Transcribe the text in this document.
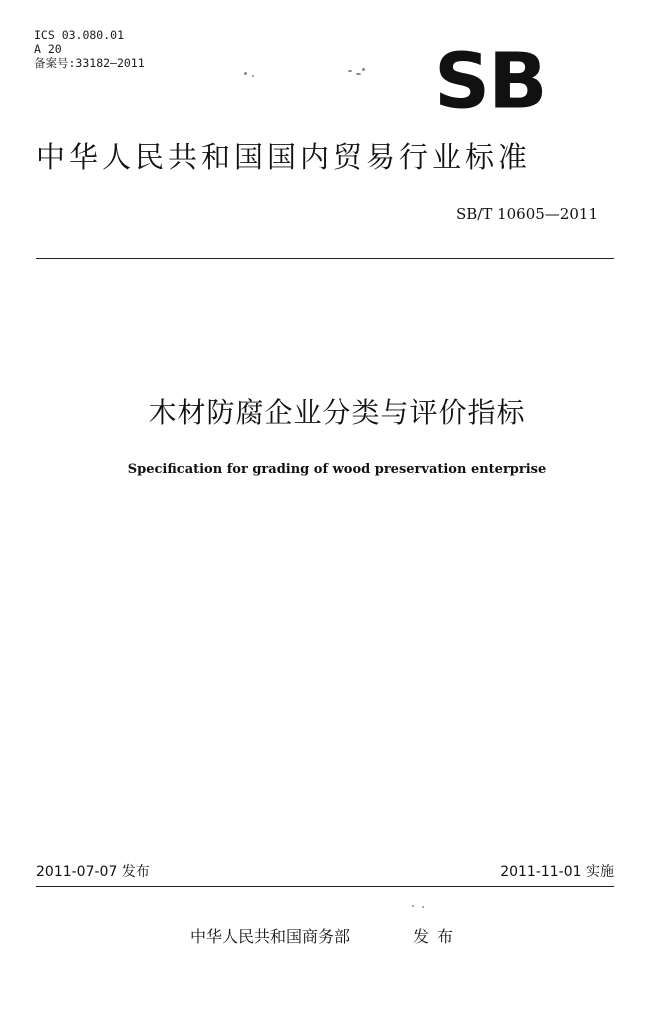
ICS 03.080.01
A 20
备案号:33182—2011	SB
中华人民共和国国内贸易行业标准
SB/T 10605—2011
木材防腐企业分类与评价指标
Specification for grading of wood preservation enterprise
2011-07-07 发布	2011-11-01 实施
中华人民共和国商务部	发布
